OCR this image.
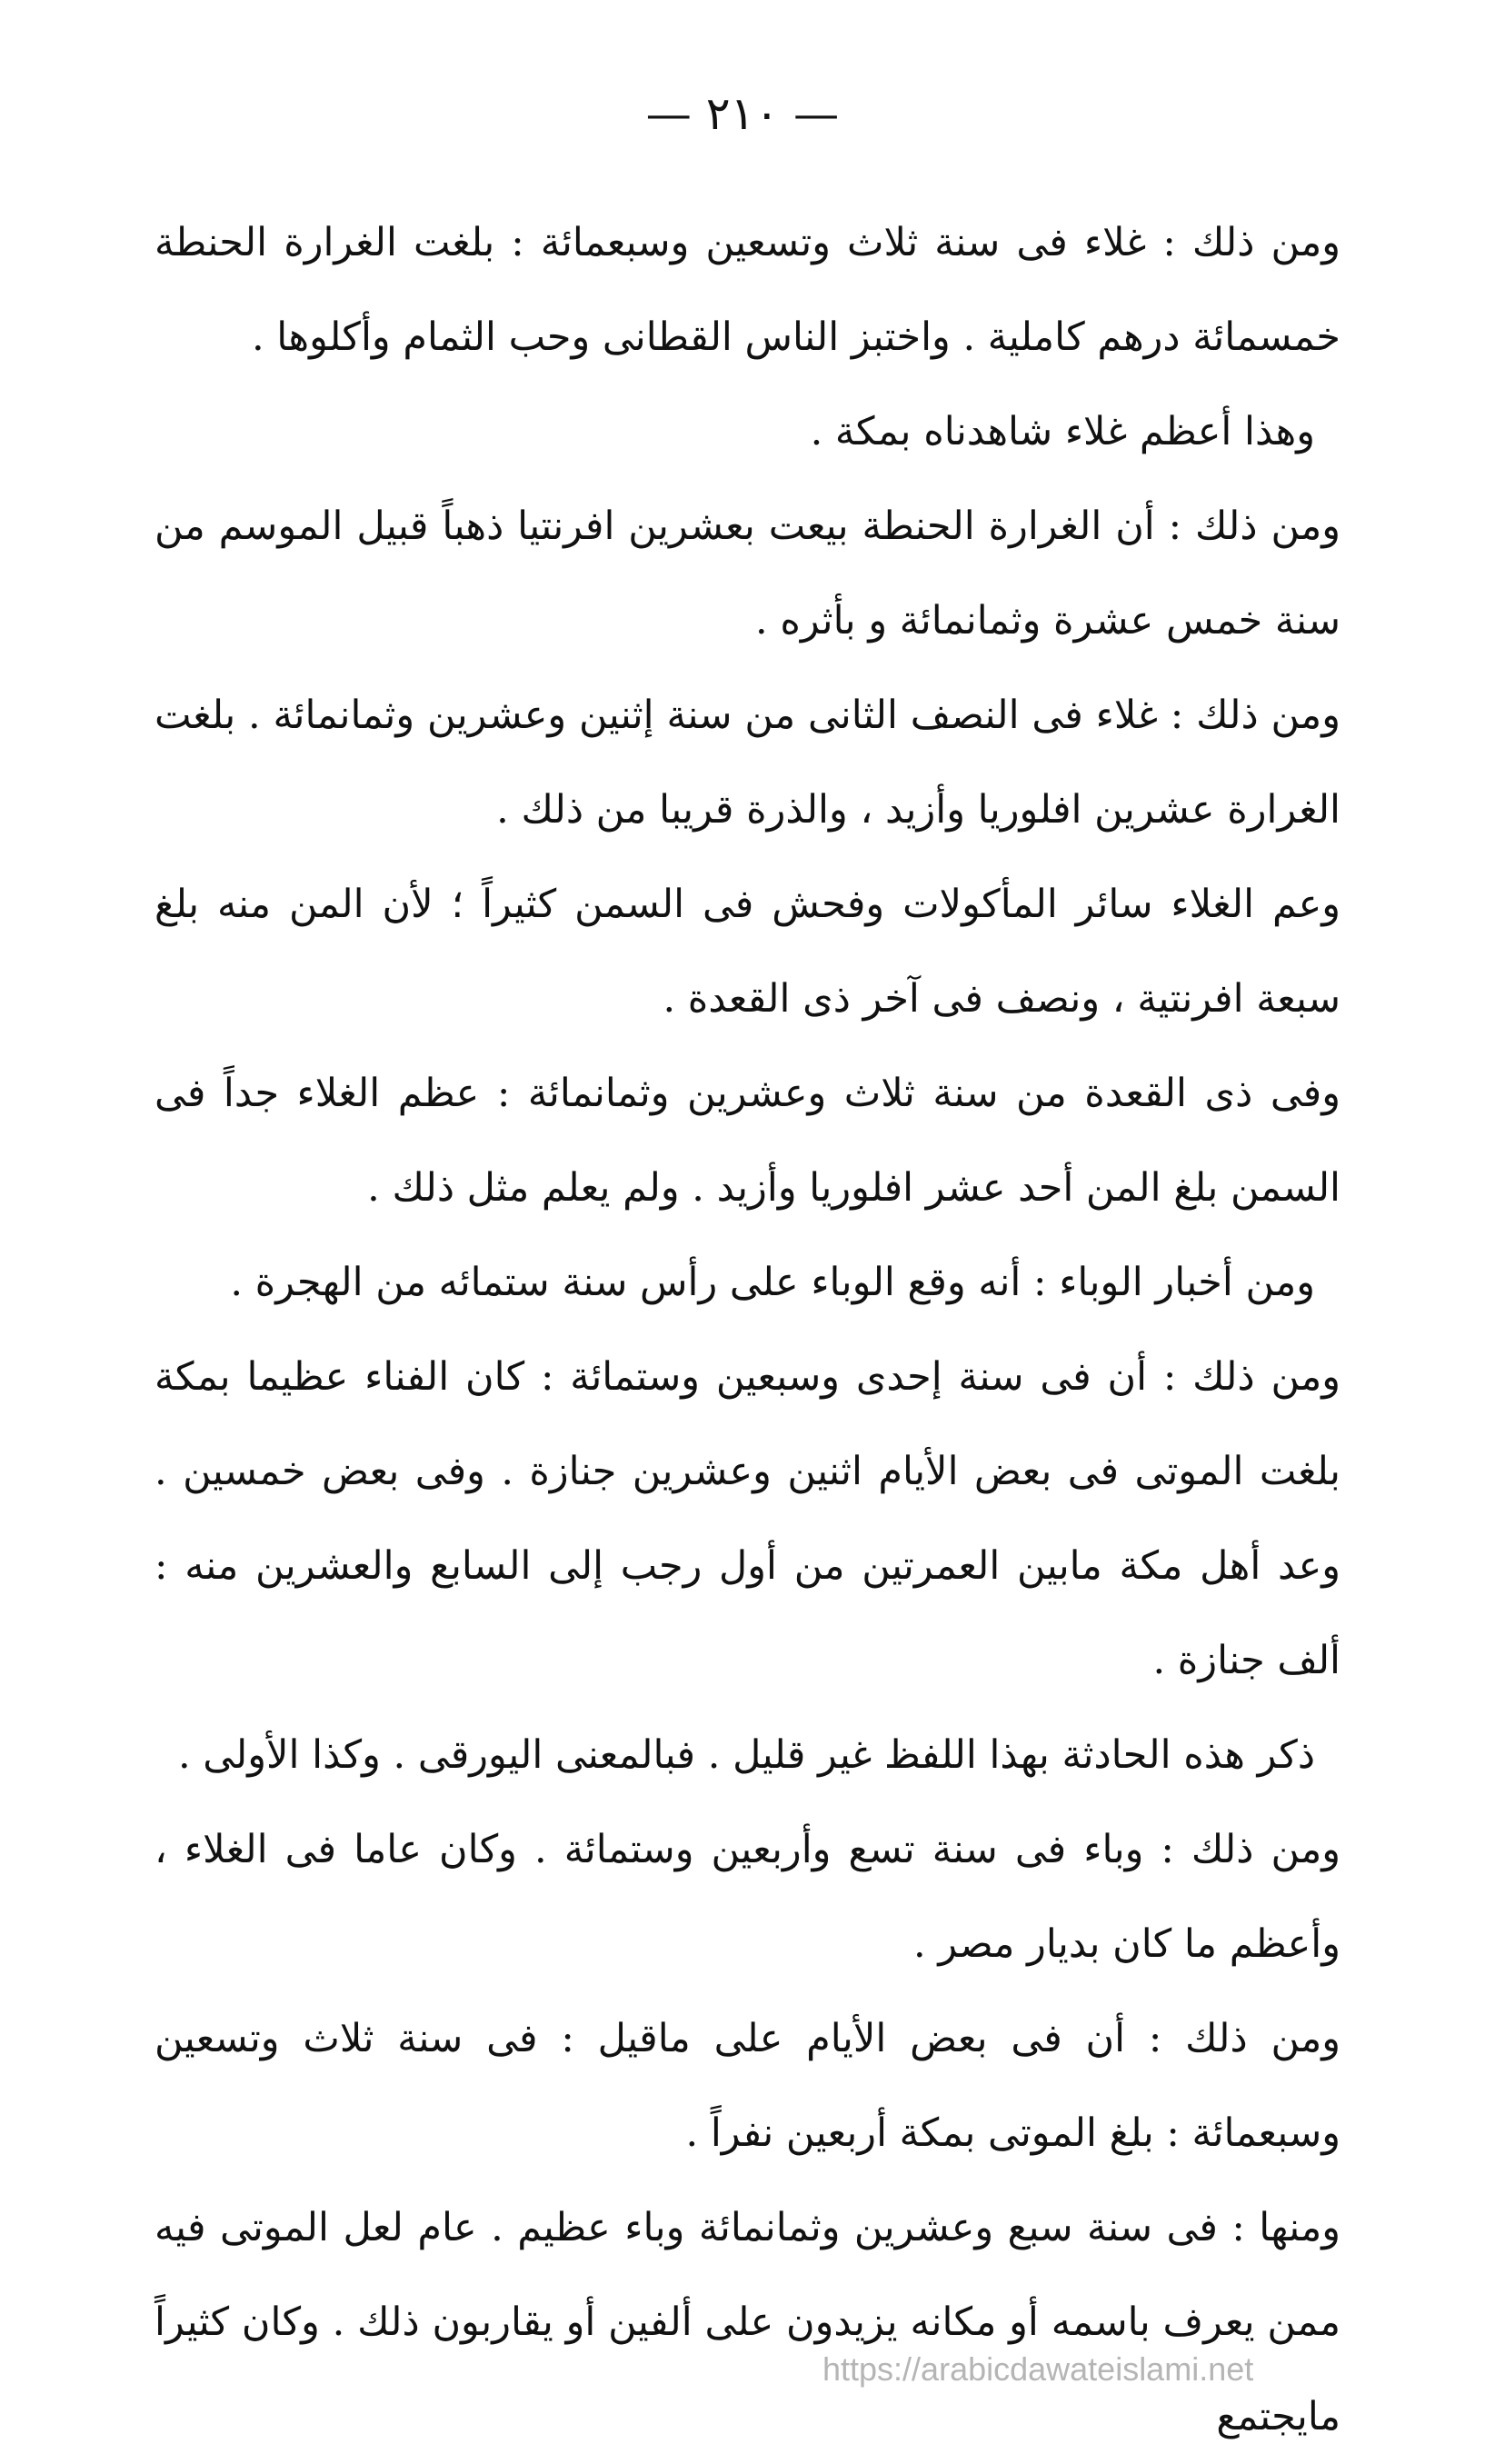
— ٢١٠ —

ومن ذلك : غلاء فى سنة ثلاث وتسعين وسبعمائة : بلغت الغرارة الحنطة خمسمائة درهم كاملية . واختبز الناس القطانى وحب الثمام وأكلوها .

وهذا أعظم غلاء شاهدناه بمكة .

ومن ذلك : أن الغرارة الحنطة بيعت بعشرين افرنتيا ذهباً قبيل الموسم من سنة خمس عشرة وثمانمائة و بأثره .

ومن ذلك : غلاء فى النصف الثانى من سنة إثنين وعشرين وثمانمائة . بلغت الغرارة عشرين افلوريا وأزيد ، والذرة قريبا من ذلك .

وعم الغلاء سائر المأكولات وفحش فى السمن كثيراً ؛ لأن المن منه بلغ سبعة افرنتية ، ونصف فى آخر ذى القعدة .

وفى ذى القعدة من سنة ثلاث وعشرين وثمانمائة : عظم الغلاء جداً فى السمن بلغ المن أحد عشر افلوريا وأزيد . ولم يعلم مثل ذلك .

ومن أخبار الوباء : أنه وقع الوباء على رأس سنة ستمائه من الهجرة .

ومن ذلك : أن فى سنة إحدى وسبعين وستمائة : كان الفناء عظيما بمكة بلغت الموتى فى بعض الأيام اثنين وعشرين جنازة . وفى بعض خمسين . وعد أهل مكة مابين العمرتين من أول رجب إلى السابع والعشرين منه : ألف جنازة .

ذكر هذه الحادثة بهذا اللفظ غير قليل . فبالمعنى اليورقى . وكذا الأولى .

ومن ذلك : وباء فى سنة تسع وأربعين وستمائة . وكان عاما فى الغلاء ، وأعظم ما كان بديار مصر .

ومن ذلك : أن فى بعض الأيام على ماقيل : فى سنة ثلاث وتسعين وسبعمائة : بلغ الموتى بمكة أربعين نفراً .

ومنها : فى سنة سبع وعشرين وثمانمائة وباء عظيم . عام لعل الموتى فيه ممن يعرف باسمه أو مكانه يزيدون على ألفين أو يقاربون ذلك . وكان كثيراً مايجتمع

https://arabicdawateislami.net
